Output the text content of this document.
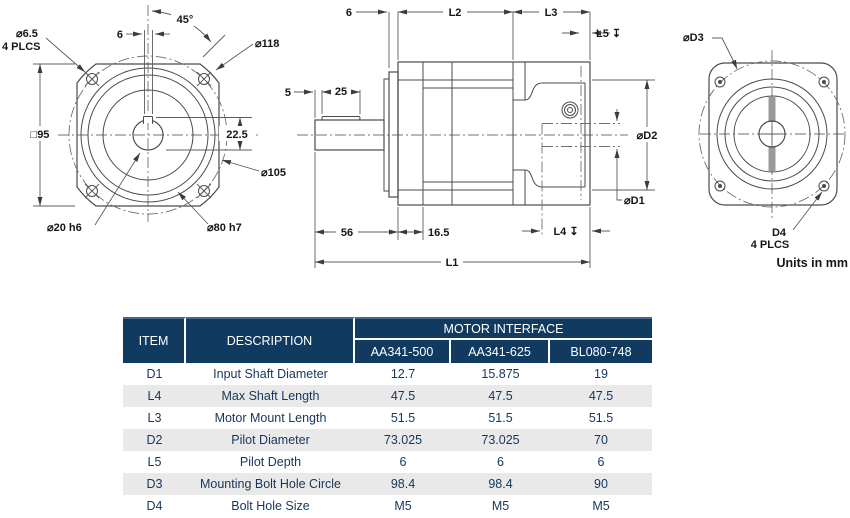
□95
⌀6.5
4 PLCS
45°
6
⌀118
22.5
⌀105
⌀20 h6	⌀80 h7
6	L2	L3
L5 ↧
5	25
⌀D2
⌀D1
56	16.5	L4 ↧
L1
⌀D3
D4
4 PLCS
Units in mm
ITEM	DESCRIPTION	MOTOR INTERFACE		
		AA341-500	AA341-625	BL080-748
D1	Input Shaft Diameter	12.7	15.875	19
L4	Max Shaft Length	47.5	47.5	47.5
L3	Motor Mount Length	51.5	51.5	51.5
D2	Pilot Diameter	73.025	73.025	70
L5	Pilot Depth	6	6	6
D3	Mounting Bolt Hole Circle	98.4	98.4	90
D4	Bolt Hole Size	M5	M5	M5
